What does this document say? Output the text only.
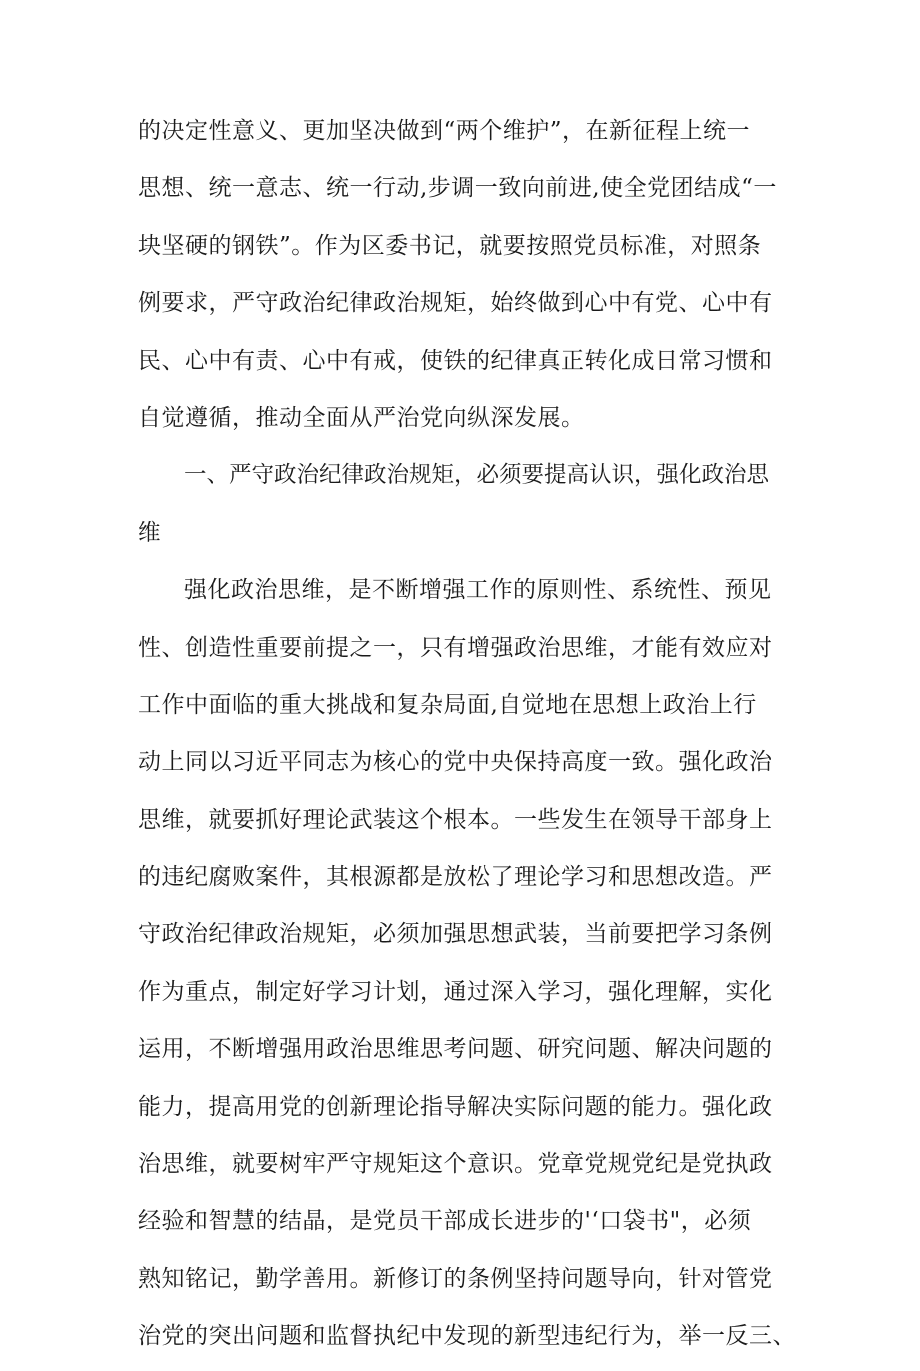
的决定性意义、更加坚决做到“两个维护”，在新征程上统一
思想、统一意志、统一行动,步调一致向前进,使全党团结成“一
块坚硬的钢铁”。作为区委书记，就要按照党员标准，对照条
例要求，严守政治纪律政治规矩，始终做到心中有党、心中有
民、心中有责、心中有戒，使铁的纪律真正转化成日常习惯和
自觉遵循，推动全面从严治党向纵深发展。
一、严守政治纪律政治规矩，必须要提高认识，强化政治思
维
强化政治思维，是不断增强工作的原则性、系统性、预见
性、创造性重要前提之一，只有增强政治思维，才能有效应对
工作中面临的重大挑战和复杂局面,自觉地在思想上政治上行
动上同以习近平同志为核心的党中央保持高度一致。强化政治
思维，就要抓好理论武装这个根本。一些发生在领导干部身上
的违纪腐败案件，其根源都是放松了理论学习和思想改造。严
守政治纪律政治规矩，必须加强思想武装，当前要把学习条例
作为重点，制定好学习计划，通过深入学习，强化理解，实化
运用，不断增强用政治思维思考问题、研究问题、解决问题的
能力，提高用党的创新理论指导解决实际问题的能力。强化政
治思维，就要树牢严守规矩这个意识。党章党规党纪是党执政
经验和智慧的结晶，是党员干部成长进步的'‘口袋书"，必须
熟知铭记，勤学善用。新修订的条例坚持问题导向，针对管党
治党的突出问题和监督执纪中发现的新型违纪行为，举一反三、
